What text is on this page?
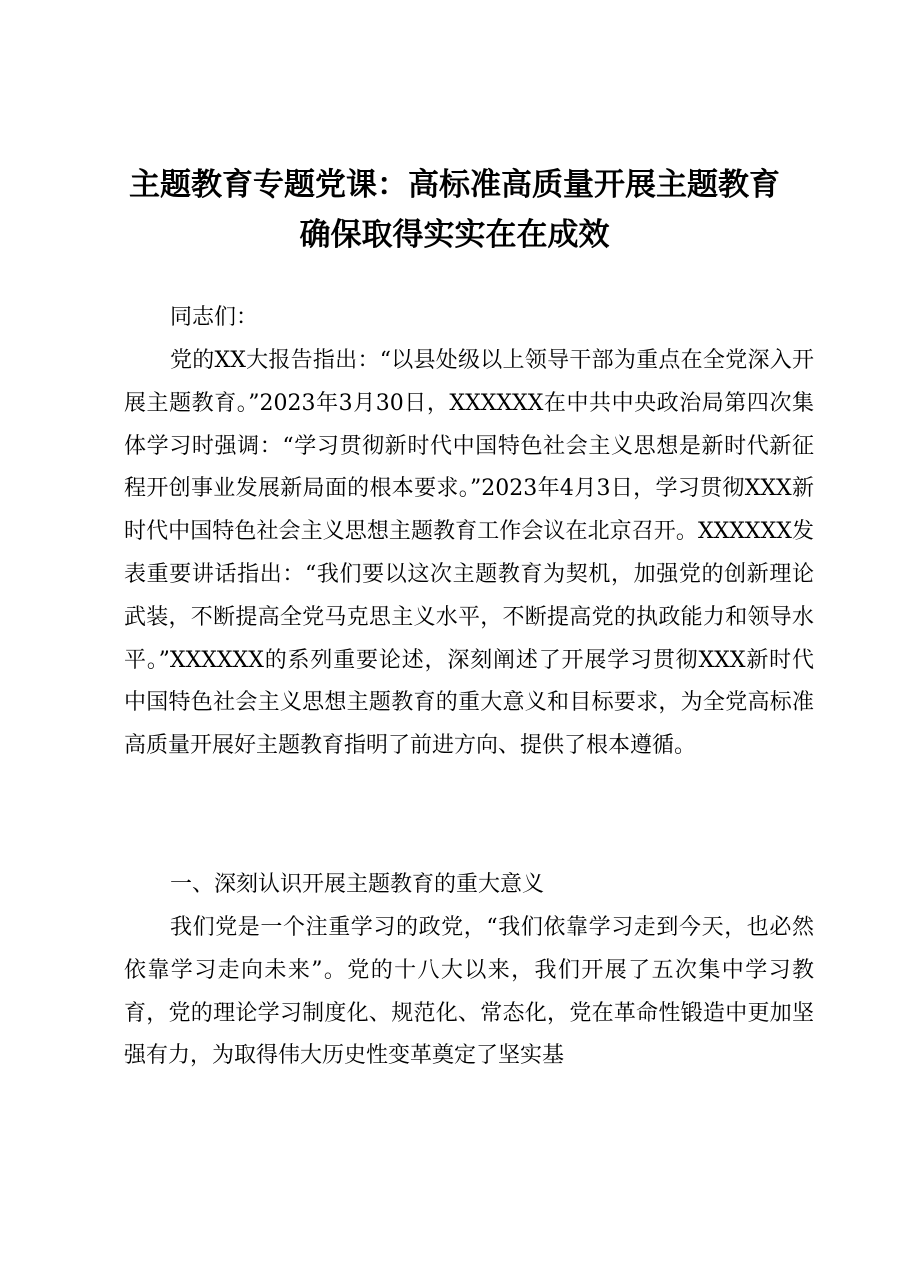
主题教育专题党课：高标准高质量开展主题教育
确保取得实实在在成效

同志们：

党的XX大报告指出：“以县处级以上领导干部为重点在全党深入开展主题教育。”2023年3月30日，XXXXXX在中共中央政治局第四次集体学习时强调：“学习贯彻新时代中国特色社会主义思想是新时代新征程开创事业发展新局面的根本要求。”2023年4月3日，学习贯彻XXX新时代中国特色社会主义思想主题教育工作会议在北京召开。XXXXXX发表重要讲话指出：“我们要以这次主题教育为契机，加强党的创新理论武装，不断提高全党马克思主义水平，不断提高党的执政能力和领导水平。”XXXXXX的系列重要论述，深刻阐述了开展学习贯彻XXX新时代中国特色社会主义思想主题教育的重大意义和目标要求，为全党高标准高质量开展好主题教育指明了前进方向、提供了根本遵循。

一、深刻认识开展主题教育的重大意义

我们党是一个注重学习的政党，“我们依靠学习走到今天，也必然依靠学习走向未来”。党的十八大以来，我们开展了五次集中学习教育，党的理论学习制度化、规范化、常态化，党在革命性锻造中更加坚强有力，为取得伟大历史性变革奠定了坚实基
